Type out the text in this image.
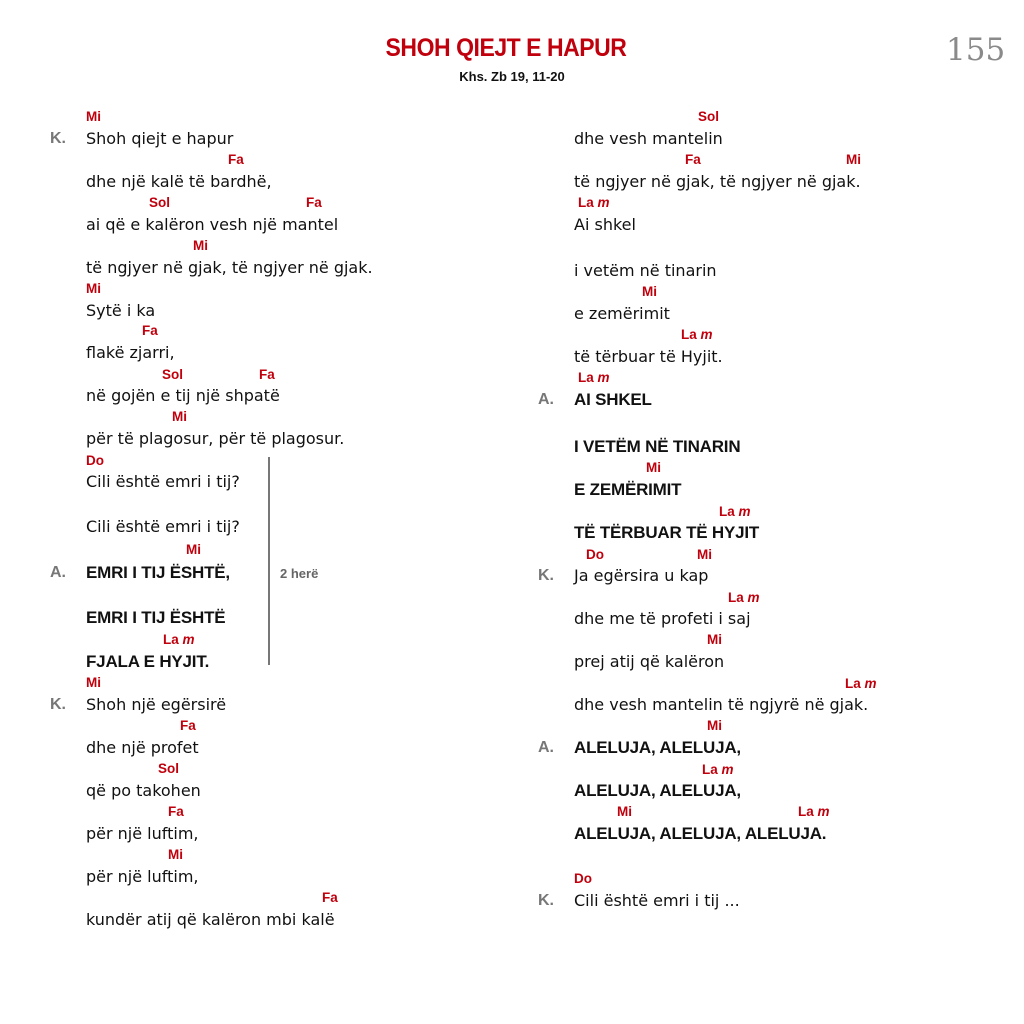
SHOH QIEJT E HAPUR
Khs. Zb 19, 11-20
155
Mi
K. Shoh qiejt e hapur
Fa
dhe një kalë të bardhë,
Sol	Fa
ai që e kalëron vesh një mantel
Mi
të ngjyer në gjak, të ngjyer në gjak.
Mi
Sytë i ka
Fa
flakë zjarri,
Sol	Fa
në gojën e tij një shpatë
Mi
për të plagosur, për të plagosur.
Do
Cili është emri i tij?
Cili është emri i tij?
Mi
A. EMRI I TIJ ËSHTË,
EMRI I TIJ ËSHTË
La m
FJALA E HYJIT.
2 herë
Mi
K. Shoh një egërsirë
Fa
dhe një profet
Sol
që po takohen
Fa
për një luftim,
Mi
për një luftim,
Fa
kundër atij që kalëron mbi kalë
Sol
dhe vesh mantelin
Fa	Mi
të ngjyer në gjak, të ngjyer në gjak.
La m
Ai shkel
i vetëm në tinarin
Mi
e zemërimit
La m
të tërbuar të Hyjit.
La m
A. AI SHKEL
I VETËM NË TINARIN
Mi
E ZEMËRIMIT
La m
TË TËRBUAR TË HYJIT
Do	Mi
K. Ja egërsira u kap
La m
dhe me të profeti i saj
Mi
prej atij që kalëron
La m
dhe vesh mantelin të ngjyrë në gjak.
Mi
A. ALELUJA, ALELUJA,
La m
ALELUJA, ALELUJA,
Mi	La m
ALELUJA, ALELUJA, ALELUJA.
Do
K. Cili është emri i tij ...
